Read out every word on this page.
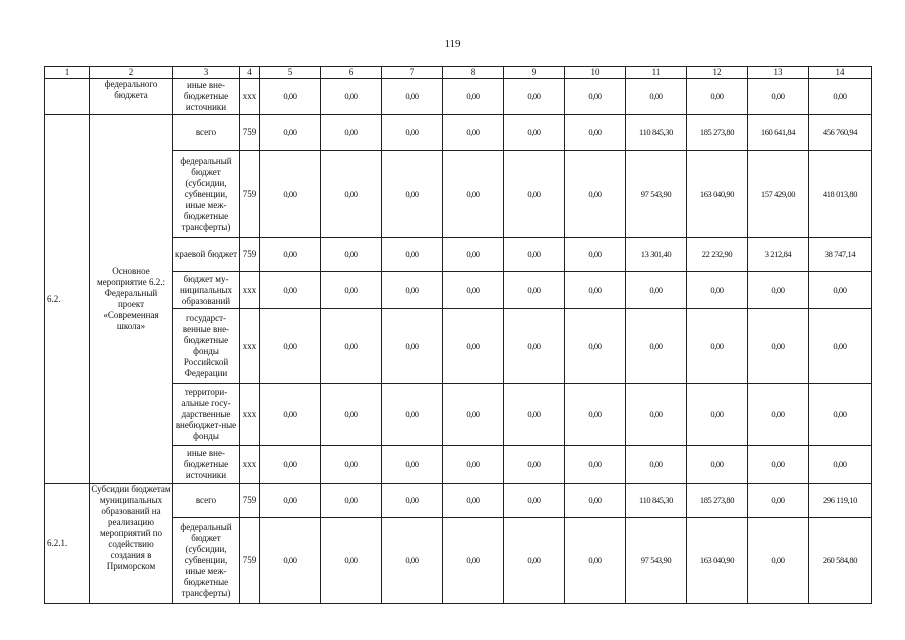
119
1	2	3	4	5	6	7	8	9	10	11	12	13	14
	федерального бюджета	иные вне-бюджетные источники	xxx	0,00	0,00	0,00	0,00	0,00	0,00	0,00	0,00	0,00	0,00
6.2.	Основное мероприятие 6.2.: Федеральный проект «Современная школа»	всего	759	0,00	0,00	0,00	0,00	0,00	0,00	110 845,30	185 273,80	160 641,84	456 760,94
		федеральный бюджет (субсидии, субвенции, иные меж-бюджетные трансферты)	759	0,00	0,00	0,00	0,00	0,00	0,00	97 543,90	163 040,90	157 429,00	418 013,80
		краевой бюджет	759	0,00	0,00	0,00	0,00	0,00	0,00	13 301,40	22 232,90	3 212,84	38 747,14
		бюджет му-ниципальных образований	xxx	0,00	0,00	0,00	0,00	0,00	0,00	0,00	0,00	0,00	0,00
		государст-венные вне-бюджетные фонды Российской Федерации	xxx	0,00	0,00	0,00	0,00	0,00	0,00	0,00	0,00	0,00	0,00
		территори-альные госу-дарственные внебюджет-ные фонды	xxx	0,00	0,00	0,00	0,00	0,00	0,00	0,00	0,00	0,00	0,00
		иные вне-бюджетные источники	xxx	0,00	0,00	0,00	0,00	0,00	0,00	0,00	0,00	0,00	0,00
6.2.1.	Субсидии бюджетам муниципальных образований на реализацию мероприятий по содействию создания в Приморском	всего	759	0,00	0,00	0,00	0,00	0,00	0,00	110 845,30	185 273,80	0,00	296 119,10
		федеральный бюджет (субсидии, субвенции, иные меж-бюджетные трансферты)	759	0,00	0,00	0,00	0,00	0,00	0,00	97 543,90	163 040,90	0,00	260 584,80
